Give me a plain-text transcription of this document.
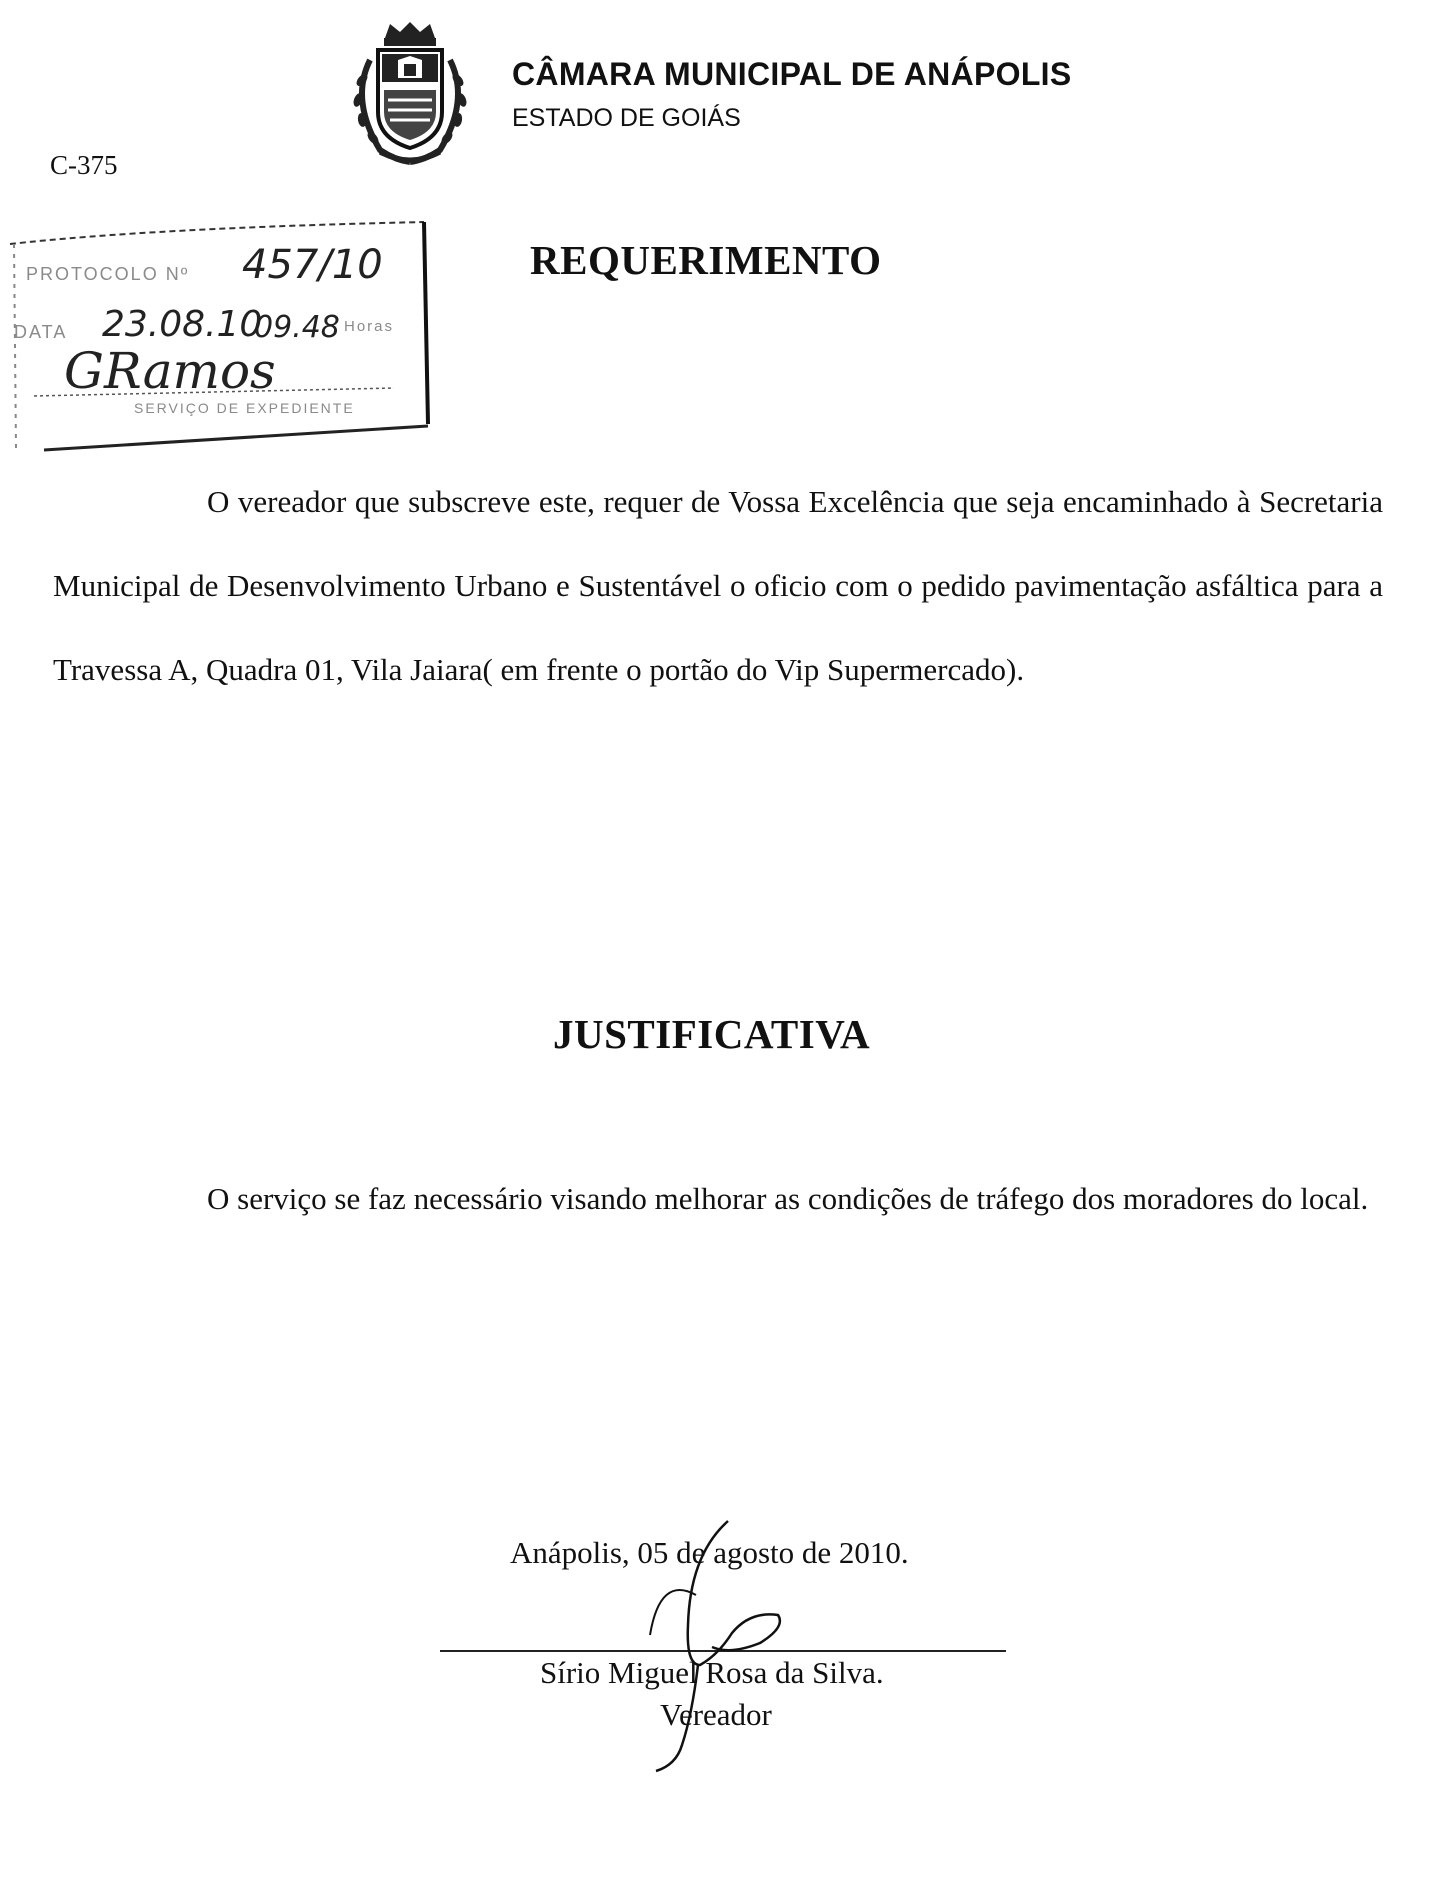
CÂMARA MUNICIPAL DE ANÁPOLIS
ESTADO DE GOIÁS
C-375
PROTOCOLO Nº 457/10
DATA 23.08.10
09.48 Horas
GRamos
SERVIÇO DE EXPEDIENTE
REQUERIMENTO
O vereador que subscreve este, requer de Vossa Excelência que seja encaminhado à Secretaria Municipal de Desenvolvimento Urbano e Sustentável o oficio com o pedido pavimentação asfáltica para a Travessa A, Quadra 01, Vila Jaiara( em frente o portão do Vip Supermercado).
JUSTIFICATIVA
O serviço se faz necessário visando melhorar as condições de tráfego dos moradores do local.
Anápolis, 05 de agosto de 2010.
Sírio Miguel Rosa da Silva.
Vereador
